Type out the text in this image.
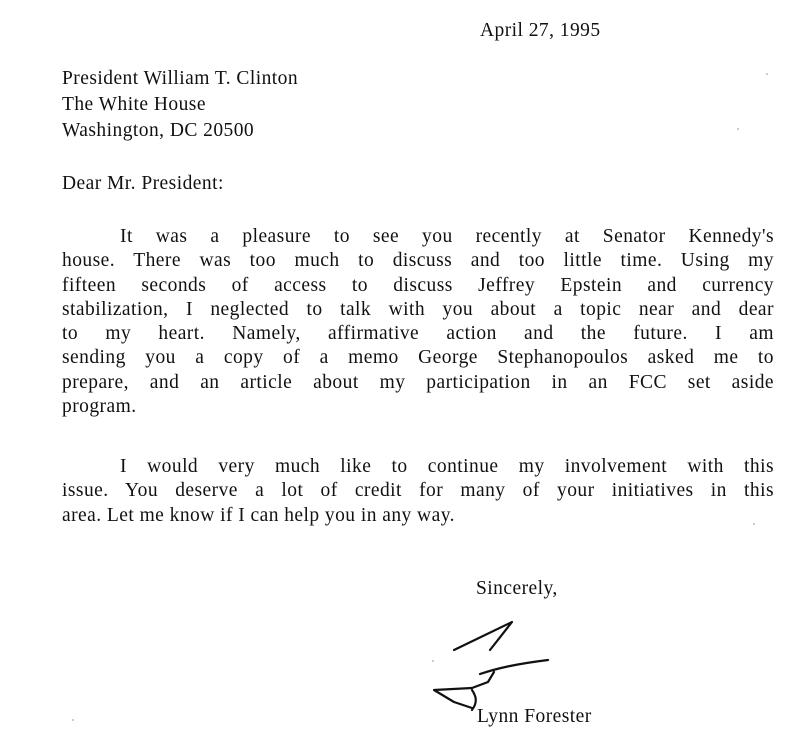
April 27, 1995
President William T. Clinton
The White House
Washington, DC 20500
Dear Mr. President:
It was a pleasure to see you recently at Senator Kennedy's
house. There was too much to discuss and too little time. Using my
fifteen seconds of access to discuss Jeffrey Epstein and currency
stabilization, I neglected to talk with you about a topic near and dear
to my heart. Namely, affirmative action and the future. I am
sending you a copy of a memo George Stephanopoulos asked me to
prepare, and an article about my participation in an FCC set aside
program.
I would very much like to continue my involvement with this
issue. You deserve a lot of credit for many of your initiatives in this
area. Let me know if I can help you in any way.
Sincerely,
Lynn Forester
